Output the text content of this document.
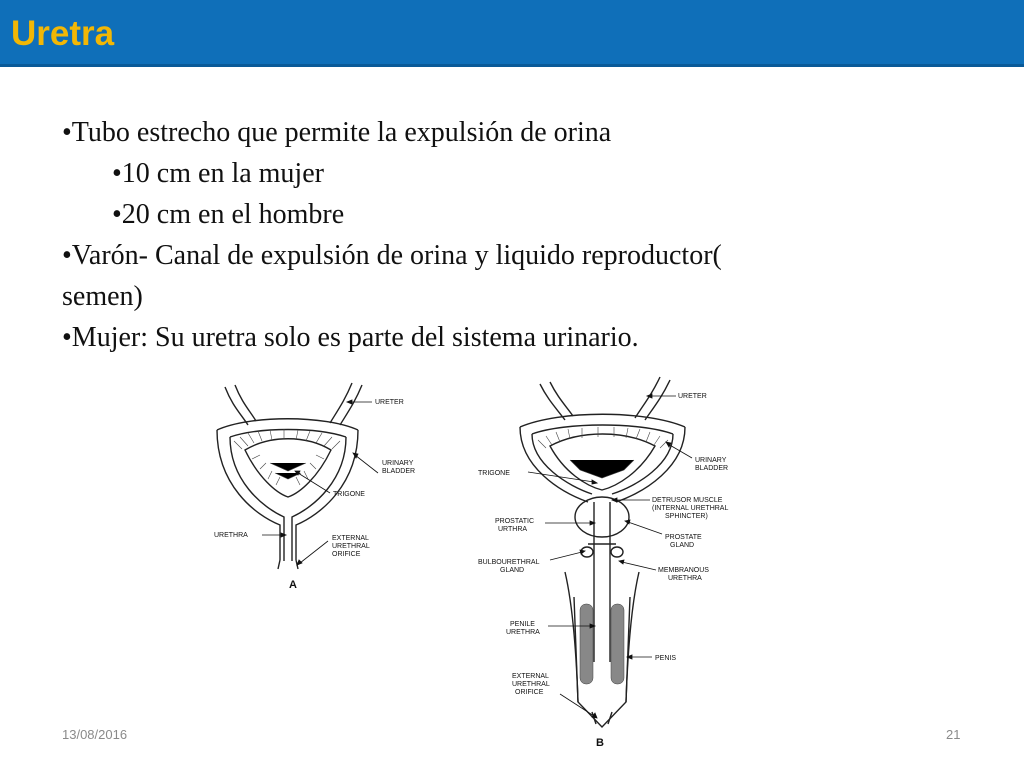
Uretra
•Tubo estrecho que permite la expulsión de orina
•10 cm en la mujer
•20 cm en el hombre
•Varón- Canal de expulsión de orina y liquido reproductor(
semen)
•Mujer: Su uretra solo es parte del sistema urinario.
URETER
URINARY
BLADDER
TRIGONE
URETHRA	EXTERNAL
URETHRAL
ORIFICE
A
URETER
URINARY
BLADDER
TRIGONE
DETRUSOR MUSCLE
(INTERNAL URETHRAL
SPHINCTER)
PROSTATIC
URTHRA
PROSTATE
GLAND
BULBOURETHRAL
GLAND	MEMBRANOUS
URETHRA
PENILE
URETHRA
PENIS
EXTERNAL
URETHRAL
ORIFICE
B
13/08/2016	21
